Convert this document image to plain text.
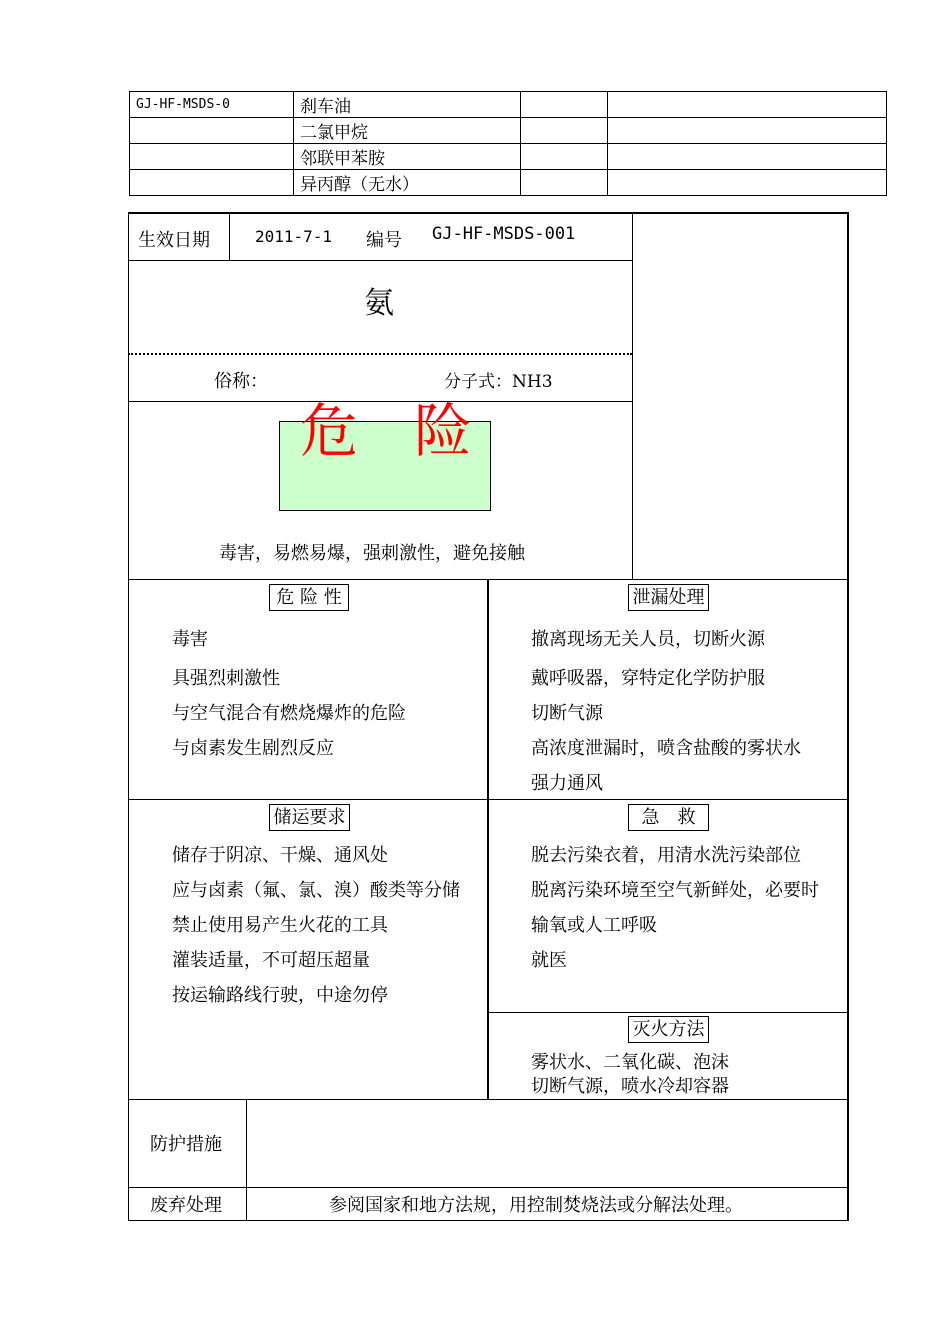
GJ-HF-MSDS-0	刹车油		
	二氯甲烷		
	邻联甲苯胺		
	异丙醇（无水）		
生效日期	2011-7-1 编号 GJ-HF-MSDS-001
氨
俗称：	分子式：NH3
危 险
毒害，易燃易爆，强刺激性，避免接触
危 险 性
毒害
具强烈刺激性
与空气混合有燃烧爆炸的危险
与卤素发生剧烈反应
泄漏处理
撤离现场无关人员，切断火源
戴呼吸器，穿特定化学防护服
切断气源
高浓度泄漏时，喷含盐酸的雾状水
强力通风
储运要求
储存于阴凉、干燥、通风处
应与卤素（氟、氯、溴）酸类等分储
禁止使用易产生火花的工具
灌装适量，不可超压超量
按运输路线行驶，中途勿停
急　救
脱去污染衣着，用清水洗污染部位
脱离污染环境至空气新鲜处，必要时
输氧或人工呼吸
就医
灭火方法
雾状水、二氧化碳、泡沫
切断气源，喷水冷却容器
防护措施
废弃处理	参阅国家和地方法规，用控制焚烧法或分解法处理。
